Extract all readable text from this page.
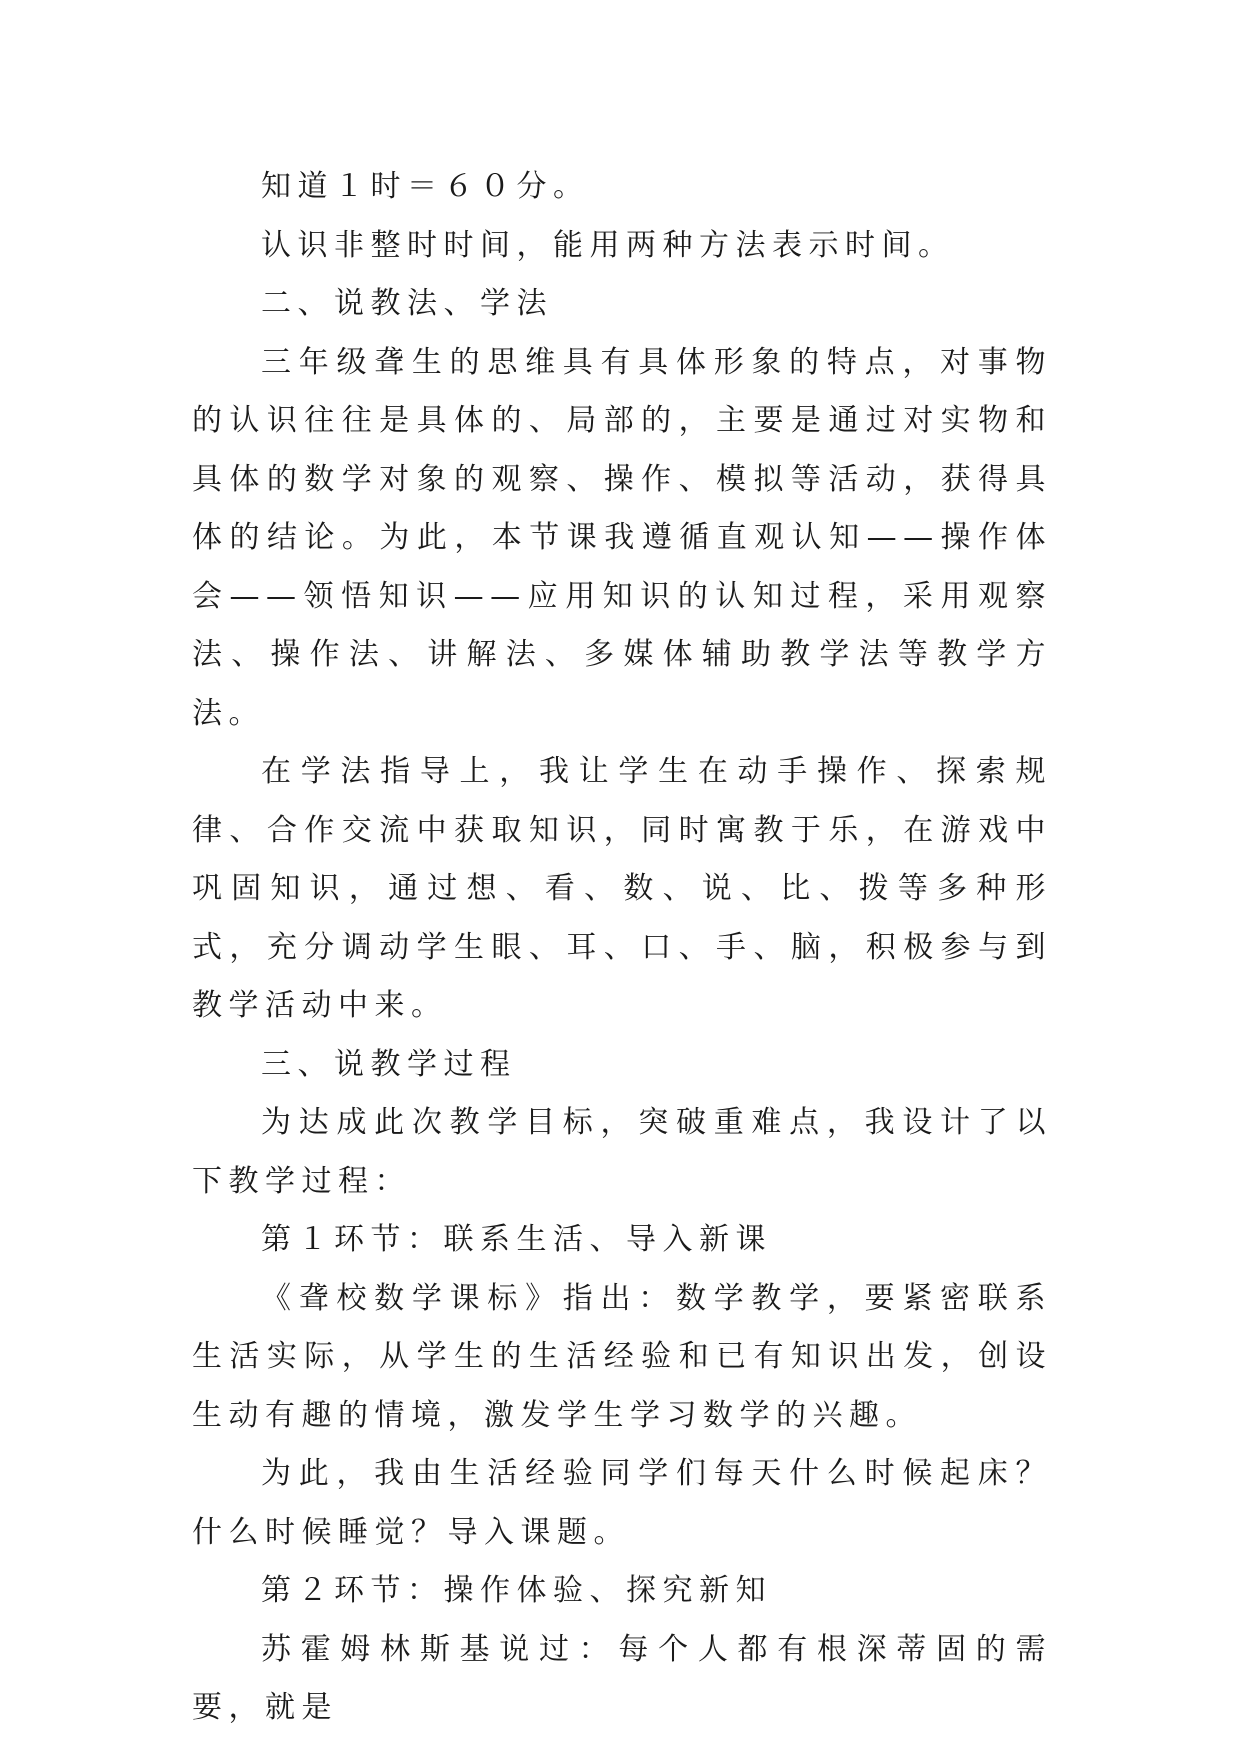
知道１时＝６０分。

认识非整时时间，能用两种方法表示时间。

二、说教法、学法

三年级聋生的思维具有具体形象的特点，对事物的认识往往是具体的、局部的，主要是通过对实物和具体的数学对象的观察、操作、模拟等活动，获得具体的结论。为此，本节课我遵循直观认知——操作体会——领悟知识——应用知识的认知过程，采用观察法、操作法、讲解法、多媒体辅助教学法等教学方法。

在学法指导上，我让学生在动手操作、探索规律、合作交流中获取知识，同时寓教于乐，在游戏中巩固知识，通过想、看、数、说、比、拨等多种形式，充分调动学生眼、耳、口、手、脑，积极参与到教学活动中来。

三、说教学过程

为达成此次教学目标，突破重难点，我设计了以下教学过程：

第１环节：联系生活、导入新课

《聋校数学课标》指出：数学教学，要紧密联系生活实际，从学生的生活经验和已有知识出发，创设生动有趣的情境，激发学生学习数学的兴趣。

为此，我由生活经验同学们每天什么时候起床？什么时候睡觉？导入课题。

第２环节：操作体验、探究新知

苏霍姆林斯基说过：每个人都有根深蒂固的需要，就是
